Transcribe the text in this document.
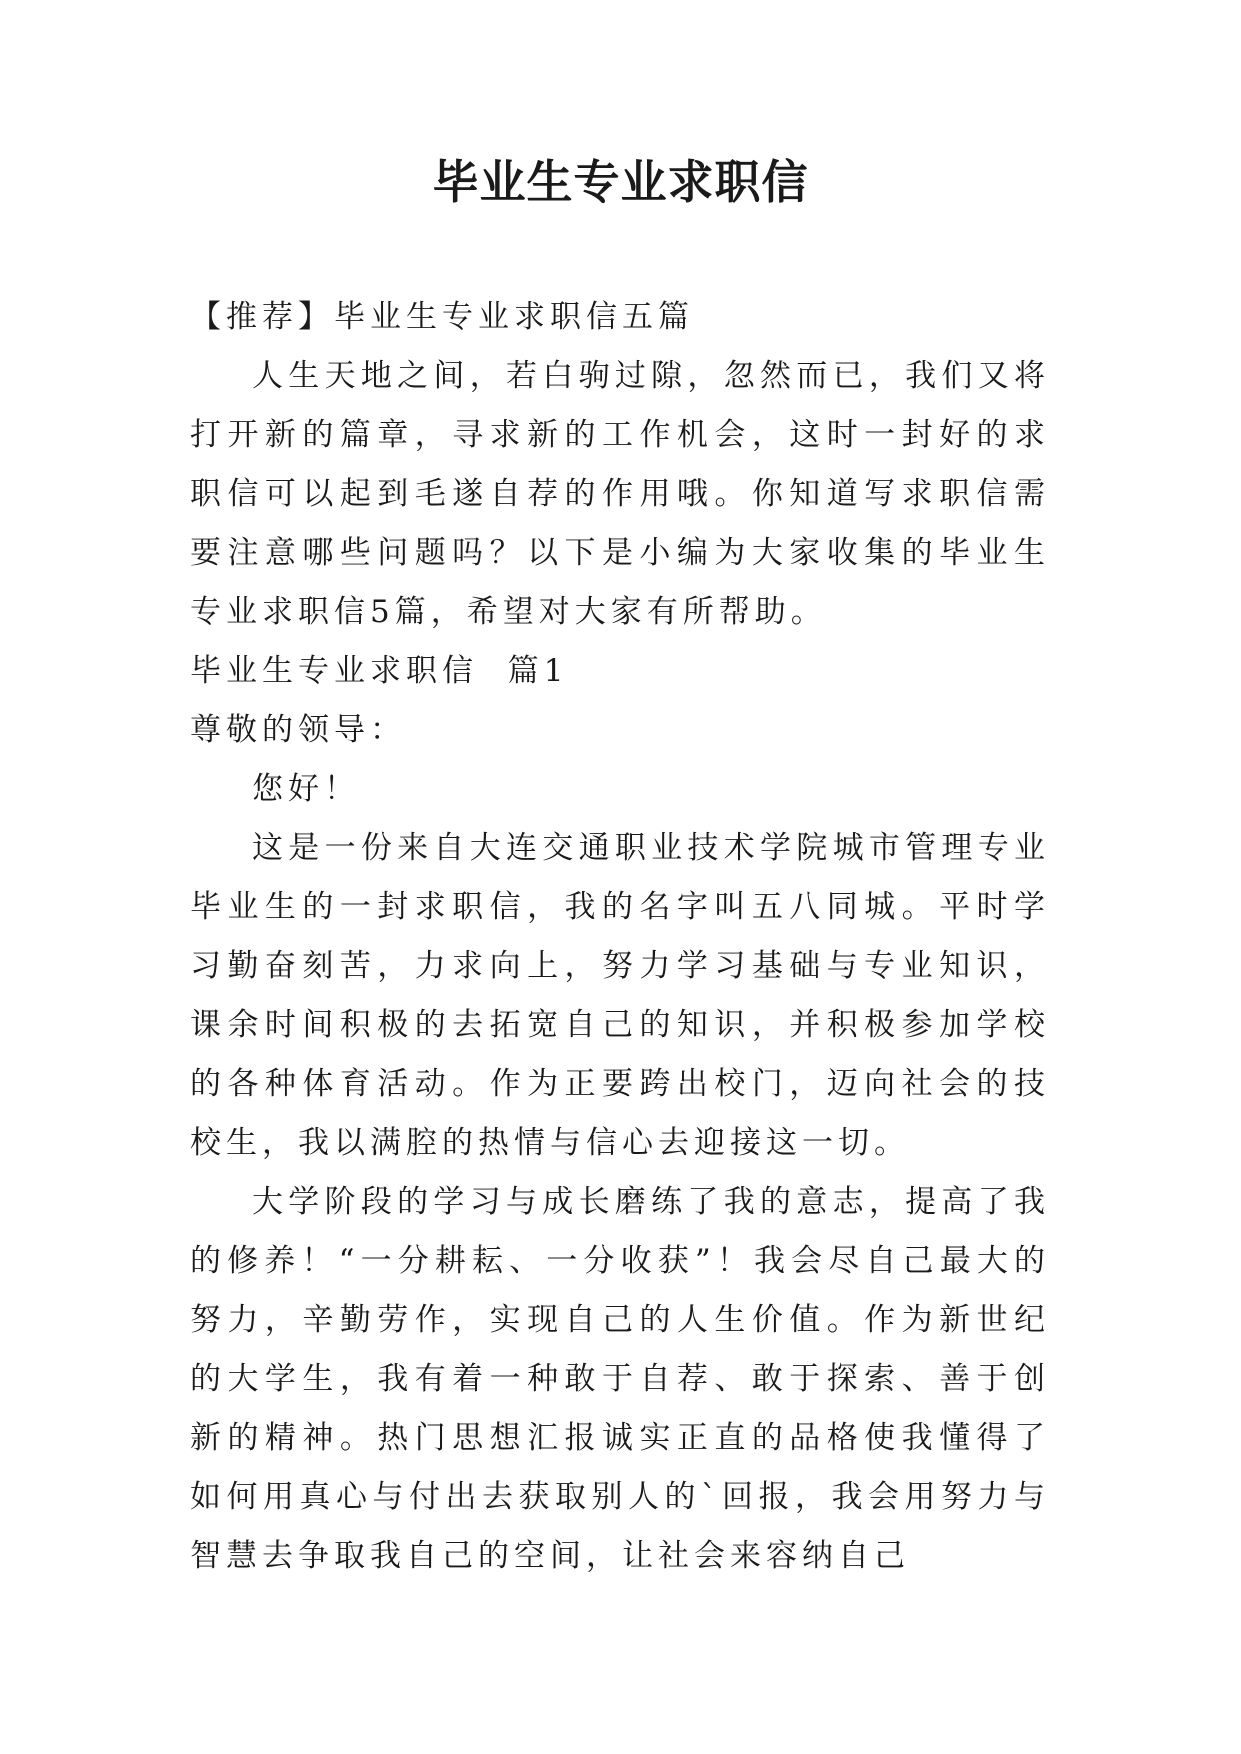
毕业生专业求职信

【推荐】毕业生专业求职信五篇

人生天地之间，若白驹过隙，忽然而已，我们又将打开新的篇章，寻求新的工作机会，这时一封好的求职信可以起到毛遂自荐的作用哦。你知道写求职信需要注意哪些问题吗？以下是小编为大家收集的毕业生专业求职信5篇，希望对大家有所帮助。

毕业生专业求职信  篇1

尊敬的领导：

您好！

这是一份来自大连交通职业技术学院城市管理专业毕业生的一封求职信，我的名字叫五八同城。平时学习勤奋刻苦，力求向上，努力学习基础与专业知识，课余时间积极的去拓宽自己的知识，并积极参加学校的各种体育活动。作为正要跨出校门，迈向社会的技校生，我以满腔的热情与信心去迎接这一切。

大学阶段的学习与成长磨练了我的意志，提高了我的修养！“一分耕耘、一分收获”！我会尽自己最大的努力，辛勤劳作，实现自己的人生价值。作为新世纪的大学生，我有着一种敢于自荐、敢于探索、善于创新的精神。热门思想汇报诚实正直的品格使我懂得了如何用真心与付出去获取别人的`回报，我会用努力与智慧去争取我自己的空间，让社会来容纳自己
